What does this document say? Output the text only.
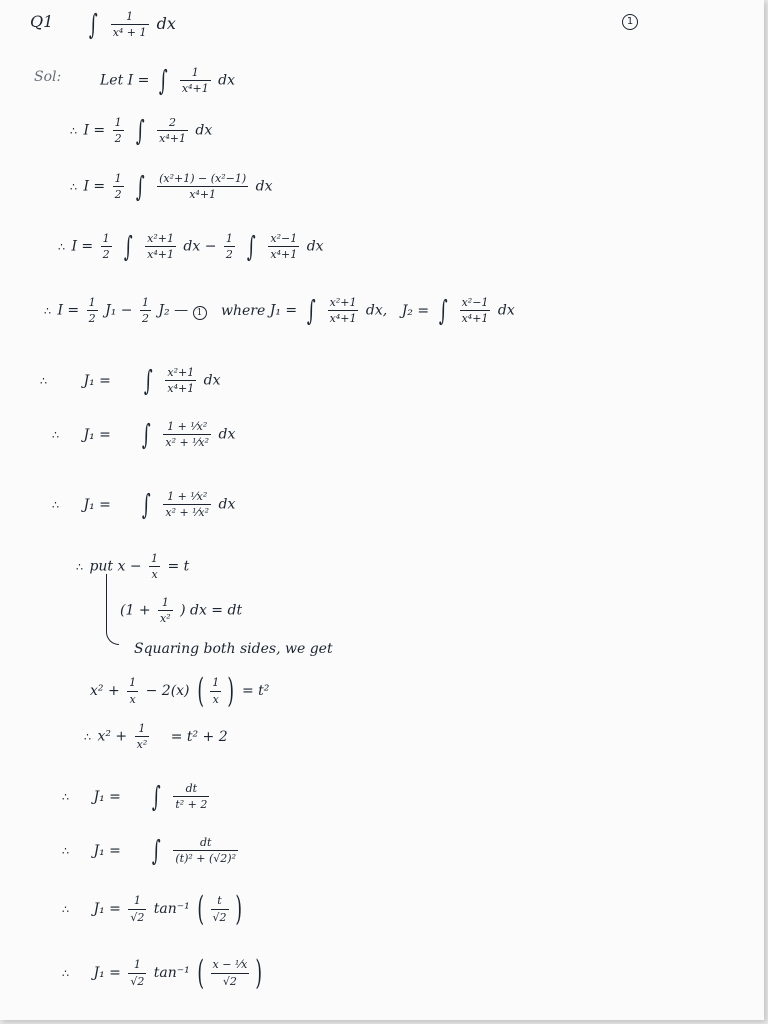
Q1 ∫ $\frac{1}{\text{x⁴ + 1}}$ dx	1
Sol:	Let I = ∫ $\frac{1}{\text{x⁴+1}}$ dx
∴ $I = \frac{1}{2}$ ∫ $\frac{2}{\text{x⁴+1}}$ dx
∴ $I = \frac{1}{2}$ ∫ $\frac{\text{(x²+1) − (x²−1)}}{\text{x⁴+1}}$ dx
∴ $I = \frac{1}{2}$ ∫ $\frac{\text{x²+1}}{\text{x⁴+1}}$ dx − $\frac{1}{2}$ ∫ $\frac{\text{x²−1}}{\text{x⁴+1}}$ dx
∴ $I = \frac{1}{2} J_1 - \frac{1}{2} J_2$ — 1 where J₁ = ∫ $\frac{\text{x²+1}}{\text{x⁴+1}}$ dx, J₂ = ∫ $\frac{\text{x²−1}}{\text{x⁴+1}}$ dx
∴ J₁ = ∫ $\frac{\text{x²+1}}{\text{x⁴+1}}$ dx
∴ J₁ = ∫ $\frac{\text{1 + ¹⁄x²}}{\text{x² + ¹⁄x²}}$ dx
∴ J₁ = ∫ $\frac{\text{1 + ¹⁄x²}}{\text{x² + ¹⁄x²}}$ dx
∴ put $x - \frac{1}{x} = t$
($1 + \frac{1}{\text{x²}}$ ) dx = dt
Squaring both sides, we get
$x^2 + \frac{1}{x} - 2(x)$ ( $\frac{1}{x}$ ) = t²
∴ $x^2 + \frac{1}{\text{x²}} = t^2 + 2$
∴ J₁ = ∫ $\frac{dt}{\text{t² + 2}}$
∴ J₁ = ∫ $\frac{dt}{\text{(t)² + (√2)²}}$
∴ $J_1 = \frac{1}{√2} \tan^{-1}$ ( $\frac{t}{√2}$ )
∴ $J_1 = \frac{1}{√2} \tan^{-1}$ ( $\frac{\text{x − ¹⁄x}}{√2}$ )
